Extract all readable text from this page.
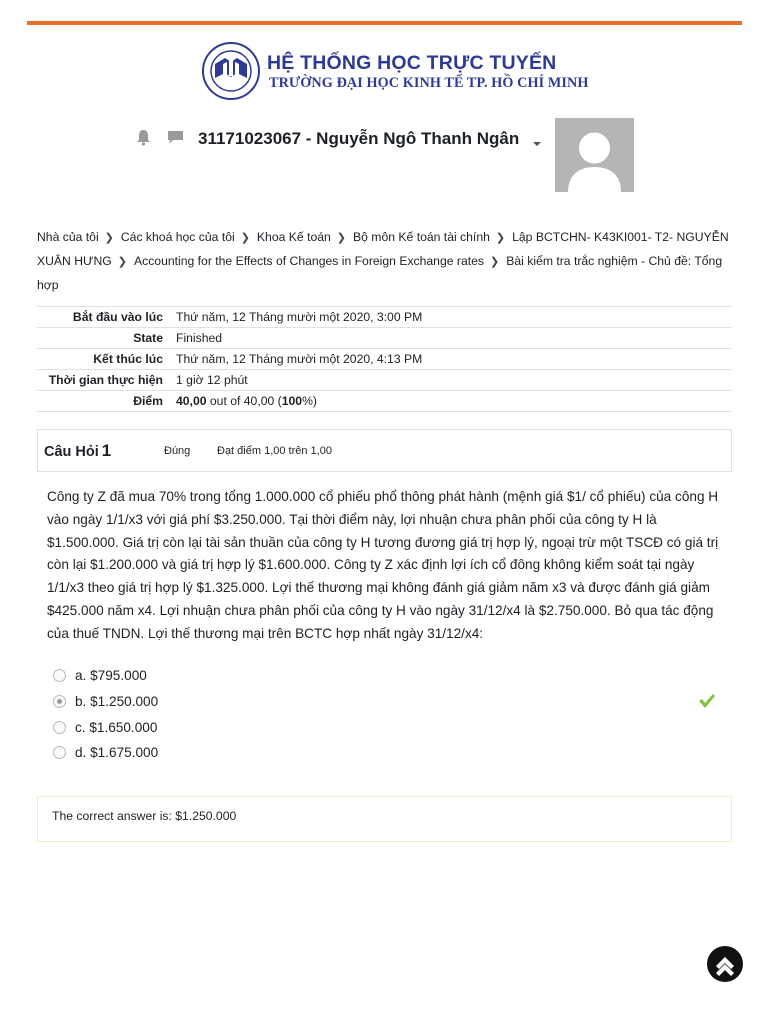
HỆ THỐNG HỌC TRỰC TUYẾN
TRƯỜNG ĐẠI HỌC KINH TẾ TP. HỒ CHÍ MINH
31171023067 - Nguyễn Ngô Thanh Ngân
Nhà của tôi ❯ Các khoá học của tôi ❯ Khoa Kế toán ❯ Bộ môn Kế toán tài chính ❯ Lập BCTCHN- K43KI001- T2- NGUYỄN XUÂN HƯNG ❯ Accounting for the Effects of Changes in Foreign Exchange rates ❯ Bài kiểm tra trắc nghiệm - Chủ đề: Tổng hợp
Bắt đầu vào lúc	Thứ năm, 12 Tháng mười một 2020, 3:00 PM
State	Finished
Kết thúc lúc	Thứ năm, 12 Tháng mười một 2020, 4:13 PM
Thời gian thực hiện	1 giờ 12 phút
Điểm	40,00 out of 40,00 (100%)
Câu Hỏi 1	Đúng Đạt điểm 1,00 trên 1,00
Công ty Z đã mua 70% trong tổng 1.000.000 cổ phiếu phổ thông phát hành (mệnh giá $1/ cổ phiếu) của công H vào ngày 1/1/x3 với giá phí $3.250.000. Tại thời điểm này, lợi nhuận chưa phân phối của công ty H là $1.500.000. Giá trị còn lại tài sản thuần của công ty H tương đương giá trị hợp lý, ngoại trừ một TSCĐ có giá trị còn lại $1.200.000 và giá trị hợp lý $1.600.000. Công ty Z xác định lợi ích cổ đông không kiểm soát tại ngày 1/1/x3 theo giá trị hợp lý $1.325.000. Lợi thế thương mại không đánh giá giảm năm x3 và được đánh giá giảm $425.000 năm x4. Lợi nhuận chưa phân phối của công ty H vào ngày 31/12/x4 là $2.750.000. Bỏ qua tác động của thuế TNDN. Lợi thế thương mại trên BCTC hợp nhất ngày 31/12/x4:
a. $795.000
b. $1.250.000
c. $1.650.000
d. $1.675.000
The correct answer is: $1.250.000
